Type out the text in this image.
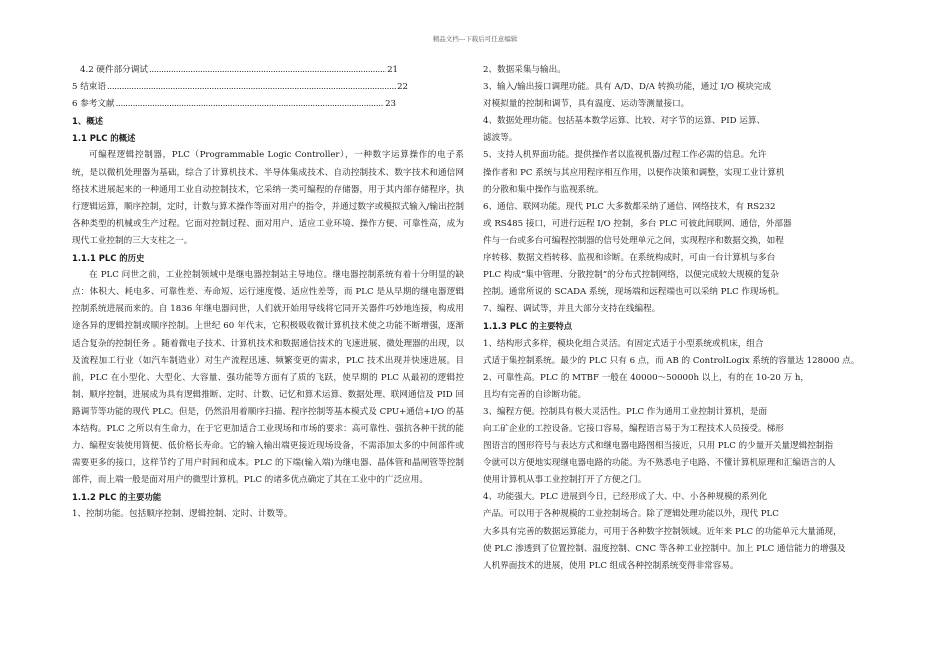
精品文档---下载后可任意编辑
4.2 硬件部分调试 .....	21
5 结束语 .....	22
6 参考文献 .....	23
1、概述
1.1 PLC 的概述
可编程逻辑控制器，PLC（Programmable Logic Controller），一种数字运算操作的电子系统，是以微机处理器为基础，综合了计算机技术、半导体集成技术、自动控制技术、数字技术和通信网络技术进展起来的一种通用工业自动控制技术，它采纳一类可编程的存储器，用于其内部存储程序，执行逻辑运算，顺序控制，定时，计数与算术操作等面对用户的指令，并通过数字或模拟式输入/输出控制各种类型的机械或生产过程。它面对控制过程、面对用户、适应工业环境、操作方便、可靠性高，成为现代工业控制的三大支柱之一。
1.1.1 PLC 的历史
在 PLC 问世之前，工业控制领域中是继电器控制站主导地位。继电器控制系统有着十分明显的缺点：体积大、耗电多、可靠性差、寿命短、运行速度慢、适应性差等，而 PLC 是从早期的继电器逻辑控制系统进展而来的。自 1836 年继电器问世，人们就开始用导线将它同开关器件巧妙地连接，构成用途各异的逻辑控制或顺序控制。上世纪 60 年代末，它积极吸收微计算机技术使之功能不断增强，逐渐适合复杂的控制任务 。随着微电子技术、计算机技术和数据通信技术的飞速进展、微处理器的出现，以及流程加工行业（如汽车制造业）对生产流程迅速、频繁变更的需求，PLC 技术出现并快速进展。目前，PLC 在小型化、大型化、大容量、强功能等方面有了质的飞跃，使早期的 PLC 从最初的逻辑控制、顺序控制，进展成为具有逻辑推断、定时、计数、记忆和算术运算、数据处理、联网通信及 PID 回路调节等功能的现代 PLC。但是，仍然沿用着顺序扫描、程序控制等基本模式及 CPU+通信+I/O 的基本结构。PLC 之所以有生命力，在于它更加适合工业现场和市场的要求：高可靠性、强抗各种干扰的能力、编程安装使用简便、低价格长寿命。它的输入输出端更接近现场设备，不需添加太多的中间部件或需要更多的接口，这样节约了用户时间和成本。PLC 的下端(输入端)为继电器、晶体管和晶闸管等控制部件，而上端一般是面对用户的微型计算机。PLC 的诸多优点确定了其在工业中的广泛应用。
1.1.2 PLC 的主要功能
1、控制功能。包括顺序控制、逻辑控制、定时、计数等。
2、数据采集与输出。
3、输入/输出接口调理功能。具有 A/D、D/A 转换功能，通过 I/O 模块完成
对模拟量的控制和调节，具有温度、运动等测量接口。
4、数据处理功能。包括基本数学运算、比较、对字节的运算、PID 运算、
滤波等。
5、支持人机界面功能。提供操作者以监视机器/过程工作必需的信息。允许
操作者和 PC 系统与其应用程序相互作用，以便作决策和调整，实现工业计算机
的分散和集中操作与监视系统。
6、通信、联网功能。现代 PLC 大多数都采纳了通信、网络技术，有 RS232
或 RS485 接口，可进行远程 I/O 控制，多台 PLC 可彼此间联网、通信，外部器
件与一台或多台可编程控制器的信号处理单元之间，实现程序和数据交换，如程
序转移、数据文档转移、监视和诊断。在系统构成时，可由一台计算机与多台
PLC 构成“集中管理、分散控制”的分布式控制网络，以便完成较大规模的复杂
控制。通常所说的 SCADA 系统，现场端和远程端也可以采纳 PLC 作现场机。
7、编程、调试等，并且大部分支持在线编程。
1.1.3 PLC 的主要特点
1、结构形式多样，模块化组合灵活。有固定式适于小型系统或机床，组合
式适于集控制系统。最少的 PLC 只有 6 点，而 AB 的 ControlLogix 系统的容量达 128000 点。
2、可靠性高。PLC 的 MTBF 一般在 40000～50000h 以上，有的在 10-20 万 h，
且均有完善的自诊断功能。
3、编程方便。控制具有极大灵活性。PLC 作为通用工业控制计算机，是面
向工矿企业的工控设备。它接口容易，编程语言易于为工程技术人员接受。梯形
图语言的图形符号与表达方式和继电器电路图相当接近，只用 PLC 的少量开关量逻辑控制指
令就可以方便地实现继电器电路的功能。为不熟悉电子电路、不懂计算机原理和汇编语言的人
使用计算机从事工业控制打开了方便之门。
4、功能强大。PLC 进展到今日，已经形成了大、中、小各种规模的系列化
产品。可以用于各种规模的工业控制场合。除了逻辑处理功能以外，现代 PLC
大多具有完善的数据运算能力，可用于各种数字控制领域。近年来 PLC 的功能单元大量涌现，
使 PLC 渗透到了位置控制、温度控制、CNC 等各种工业控制中。加上 PLC 通信能力的增强及
人机界面技术的进展，使用 PLC 组成各种控制系统变得非常容易。
